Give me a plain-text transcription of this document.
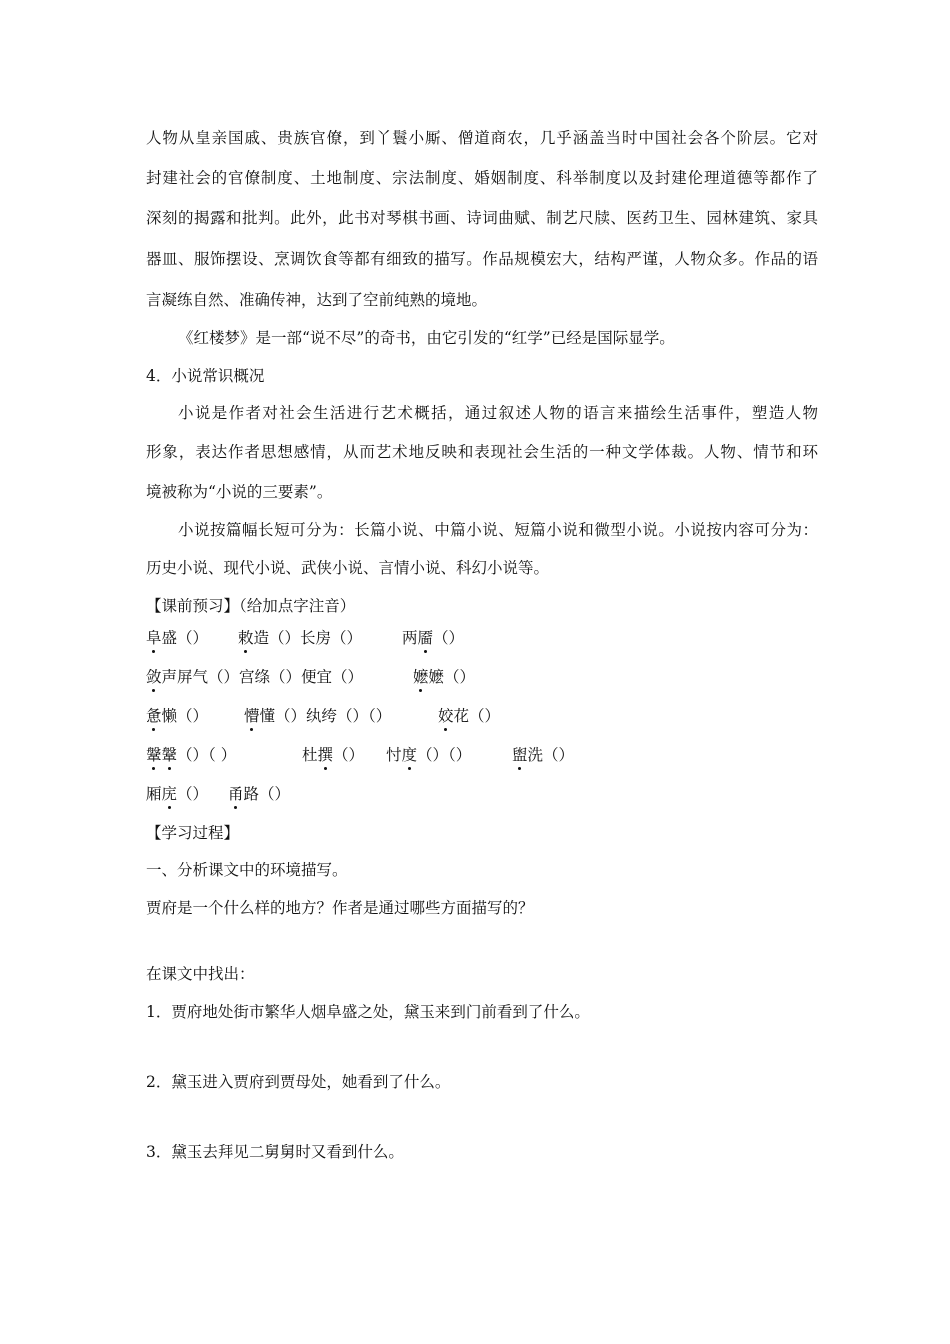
人物从皇亲国戚、贵族官僚，到丫鬟小厮、僧道商农，几乎涵盖当时中国社会各个阶层。它对
封建社会的官僚制度、土地制度、宗法制度、婚姻制度、科举制度以及封建伦理道德等都作了
深刻的揭露和批判。此外，此书对琴棋书画、诗词曲赋、制艺尺牍、医药卫生、园林建筑、家具
器皿、服饰摆设、烹调饮食等都有细致的描写。作品规模宏大，结构严谨，人物众多。作品的语
言凝练自然、准确传神，达到了空前纯熟的境地。
《红楼梦》是一部“说不尽”的奇书，由它引发的“红学”已经是国际显学。
4．小说常识概况
小说是作者对社会生活进行艺术概括，通过叙述人物的语言来描绘生活事件，塑造人物
形象，表达作者思想感情，从而艺术地反映和表现社会生活的一种文学体裁。人物、情节和环
境被称为“小说的三要素”。
小说按篇幅长短可分为：长篇小说、中篇小说、短篇小说和微型小说。小说按内容可分为：
历史小说、现代小说、武侠小说、言情小说、科幻小说等。
【课前预习】（给加点字注音）
阜盛（） 敕造（）长房（）	两靥（）
敛声屏气（）宫绦（）便宜（）	嬷嬷（）
惫懒（） 懵懂（）纨绔（）（）	姣花（）
鞶鞶（）（ ）	杜撰（） 忖度（）（）	盥洗（）
厢庑（） 甬路（）
【学习过程】
一、分析课文中的环境描写。
贾府是一个什么样的地方？作者是通过哪些方面描写的？
在课文中找出：
1．贾府地处街市繁华人烟阜盛之处，黛玉来到门前看到了什么。
2．黛玉进入贾府到贾母处，她看到了什么。
3．黛玉去拜见二舅舅时又看到什么。
